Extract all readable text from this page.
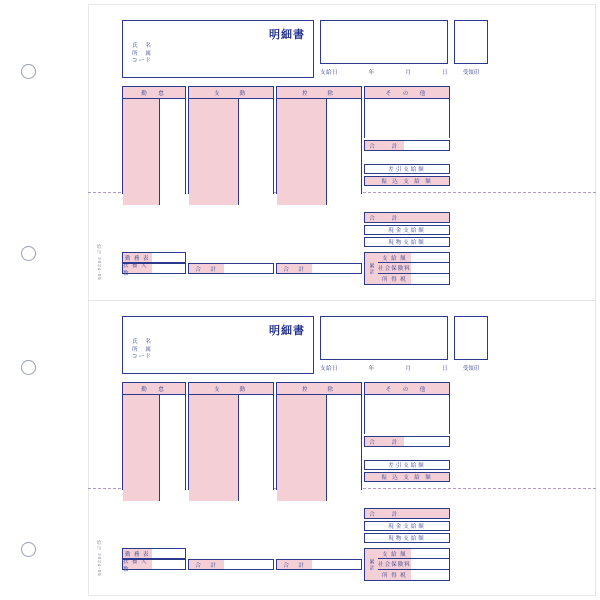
明細書
氏　名
所　属
コード
支給日	年	月	日	受領印
勤　怠	支　　動	控　　除	そ　の　他
合　　計
差引支給額
振 込 支 給 額
合　　計
現金支給額
現物支給額
累計
支 給 額
社会保険料
所 得 税
勤 務 表
扶 養 人 数
合　計	合　計
給与 2024-05
明細書
氏　名
所　属
コード
支給日	年	月	日	受領印
勤　怠	支　　動	控　　除	そ　の　他
合　　計
差引支給額
振 込 支 給 額
合　　計
現金支給額
現物支給額
累計
支 給 額
社会保険料
所 得 税
勤 務 表
扶 養 人 数
合　計	合　計
給与 2024-05
